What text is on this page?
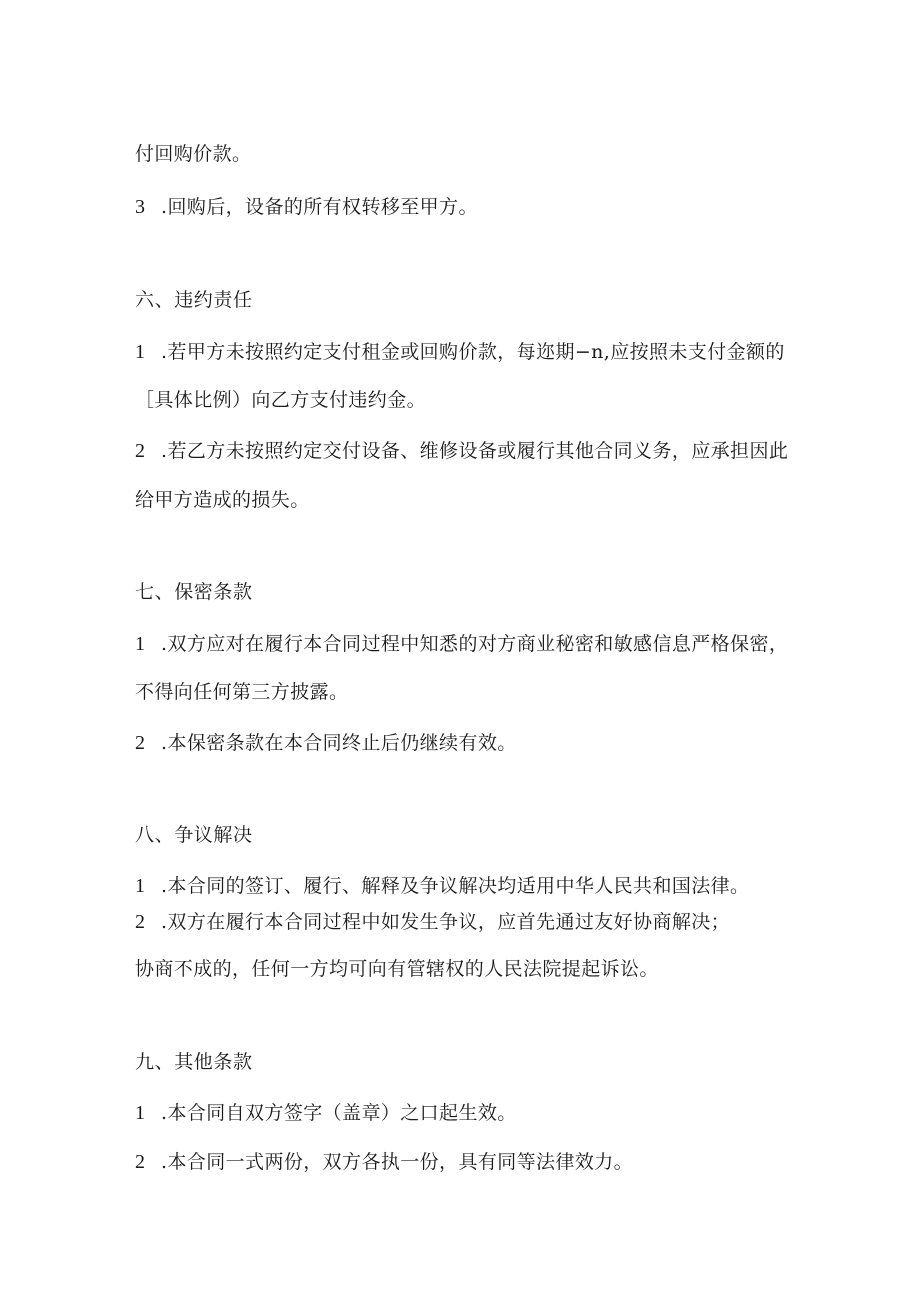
付回购价款。
3 .回购后，设备的所有权转移至甲方。
六、违约责任
1 .若甲方未按照约定支付租金或回购价款，每迩期−n,应按照未支付金额的
［具体比例）向乙方支付违约金。
2 .若乙方未按照约定交付设备、维修设备或履行其他合同义务，应承担因此
给甲方造成的损失。
七、保密条款
1 .双方应对在履行本合同过程中知悉的对方商业秘密和敏感信息严格保密，
不得向任何第三方披露。
2 .本保密条款在本合同终止后仍继续有效。
八、争议解决
1 .本合同的签订、履行、解释及争议解决均适用中华人民共和国法律。
2 .双方在履行本合同过程中如发生争议，应首先通过友好协商解决；
协商不成的，任何一方均可向有管辖权的人民法院提起诉讼。
九、其他条款
1 .本合同自双方签字（盖章）之口起生效。
2 .本合同一式两份，双方各执一份，具有同等法律效力。
